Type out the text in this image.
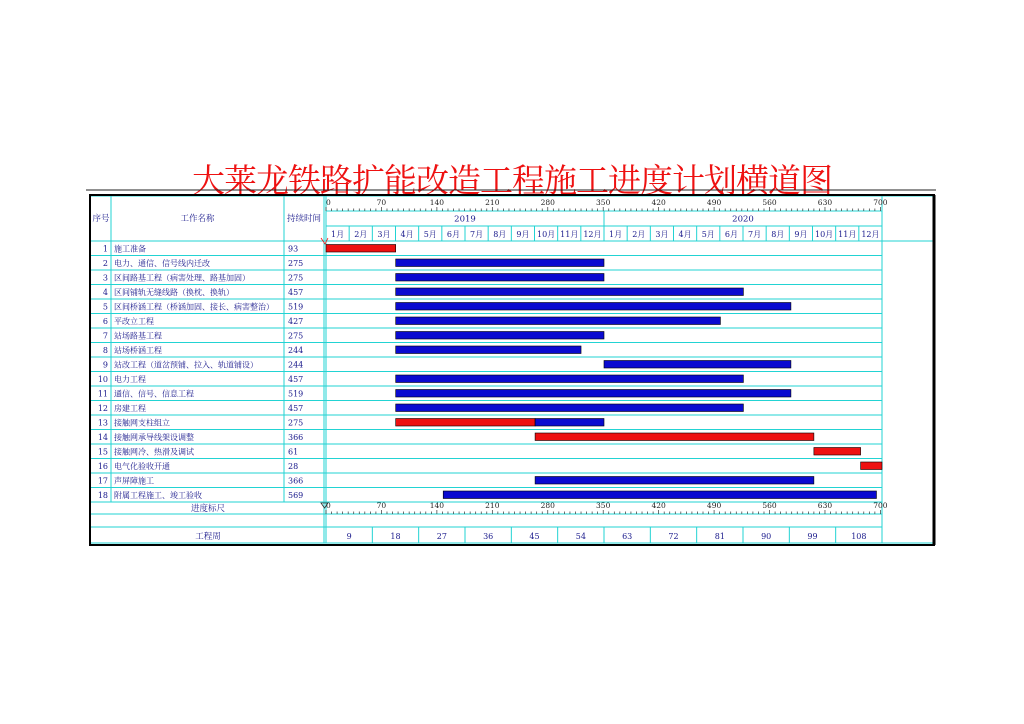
大莱龙铁路扩能改造工程施工进度计划横道图
0	70	140	210	280	350	420	490	560	630	700
0	70	140	210	280	350	420	490	560	630	700
序号	工作名称	持续时间	2019	2020
1月 2月 3月 4月 5月 6月 7月 8月 9月 10月 11月 12月 1月 2月 3月 4月 5月 6月 7月 8月 9月 10月 11月 12月
1 施工准备	93
2 电力、通信、信号线内迁改	275
3 区间路基工程（病害处理、路基加固）	275
4 区间铺轨无缝线路（换枕、换轨）	457
5 区间桥涵工程（桥涵加固、接长、病害整治） 519
6 平改立工程	427
7 站场路基工程	275
8 站场桥涵工程	244
9 站改工程（道岔预铺、拉入、轨道铺设）	244
10 电力工程	457
11 通信、信号、信息工程	519
12 房建工程	457
13 接触网支柱组立	275
14 接触网承导线架设调整	366
15 接触网冷、热滑及调试	61
16 电气化验收开通	28
17 声屏障施工	366
18 附属工程施工、竣工验收	569
进度标尺
工程周	9	18	27	36	45	54	63	72	81	90	99	108
